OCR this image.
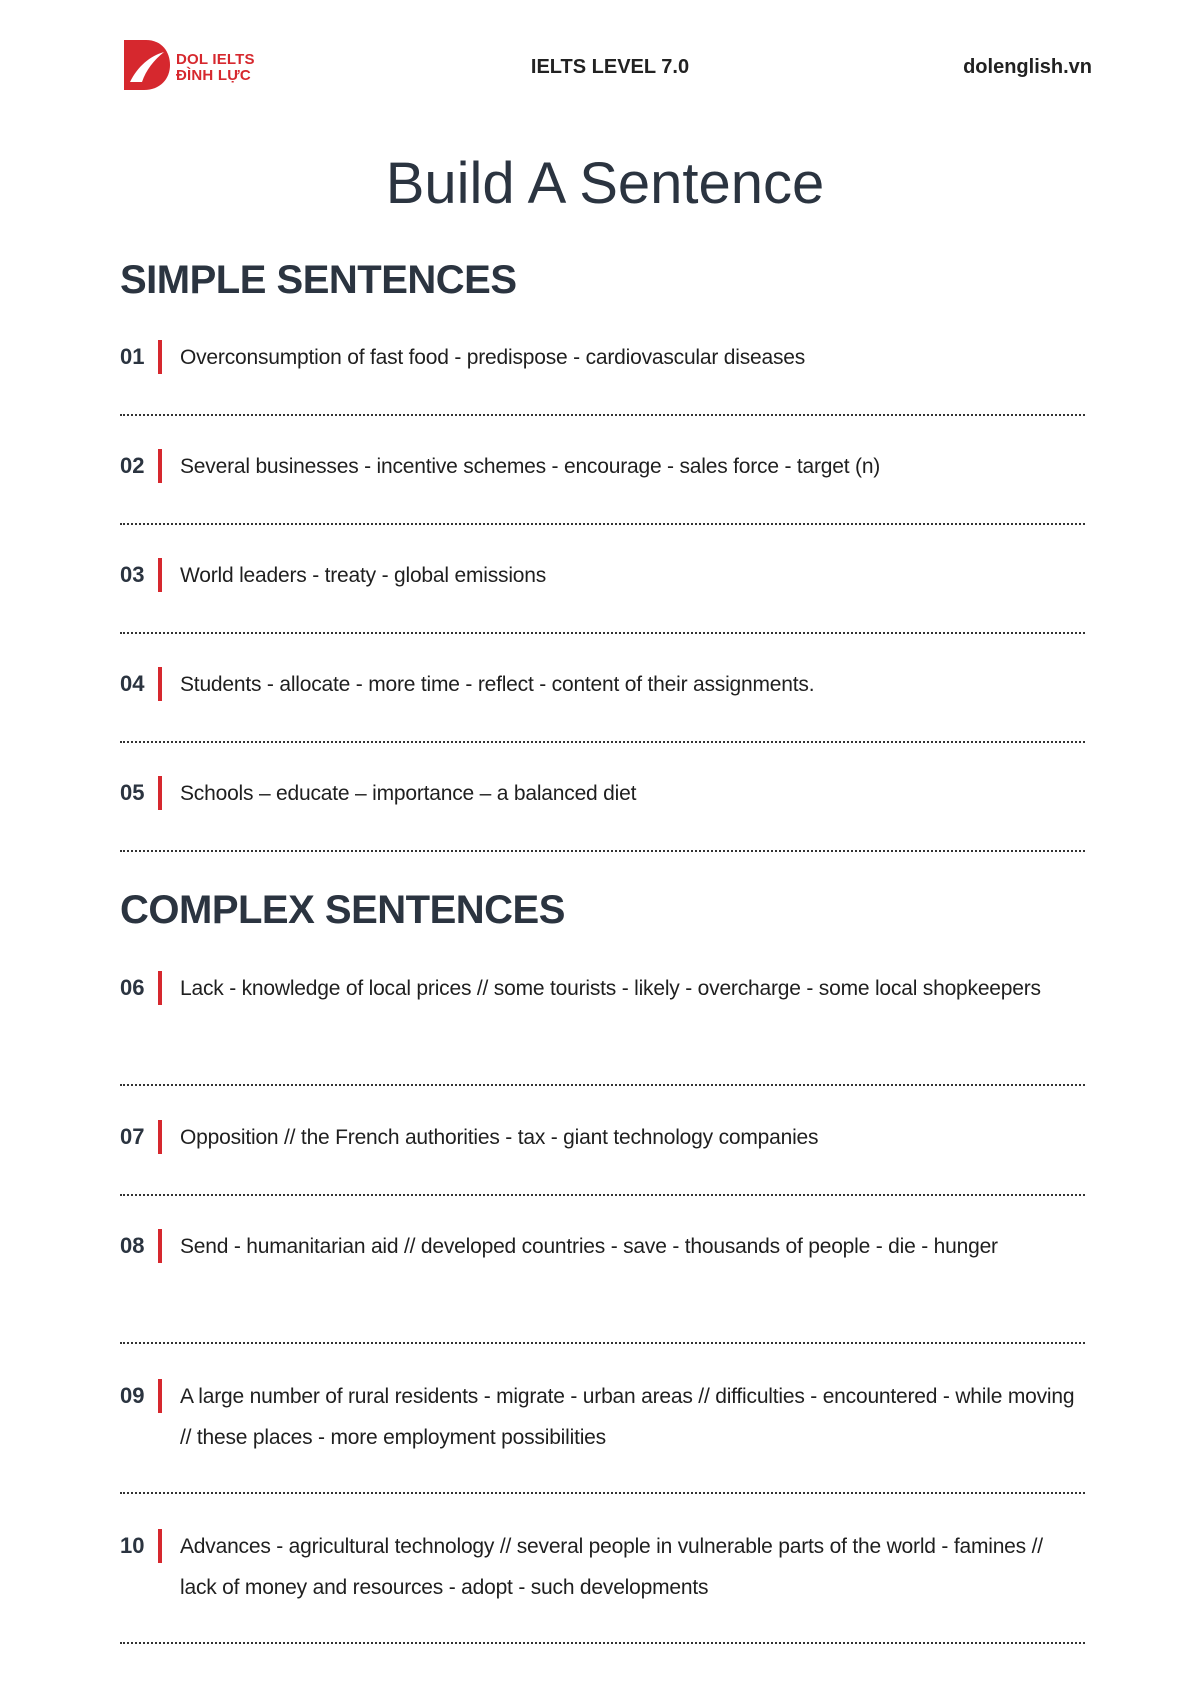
DOL IELTS
ĐÌNH LỰC	IELTS LEVEL 7.0	dolenglish.vn
Build A Sentence
SIMPLE SENTENCES
01	Overconsumption of fast food - predispose - cardiovascular diseases
02	Several businesses - incentive schemes - encourage - sales force - target (n)
03	World leaders - treaty - global emissions
04	Students - allocate - more time - reflect - content of their assignments.
05	Schools – educate – importance – a balanced diet
COMPLEX SENTENCES
06	Lack - knowledge of local prices // some tourists - likely - overcharge - some local shopkeepers
07	Opposition // the French authorities - tax - giant technology companies
08	Send - humanitarian aid // developed countries - save - thousands of people - die - hunger
09	A large number of rural residents - migrate - urban areas // difficulties - encountered - while moving // these places - more employment possibilities
10	Advances - agricultural technology // several people in vulnerable parts of the world - famines // lack of money and resources - adopt - such developments
